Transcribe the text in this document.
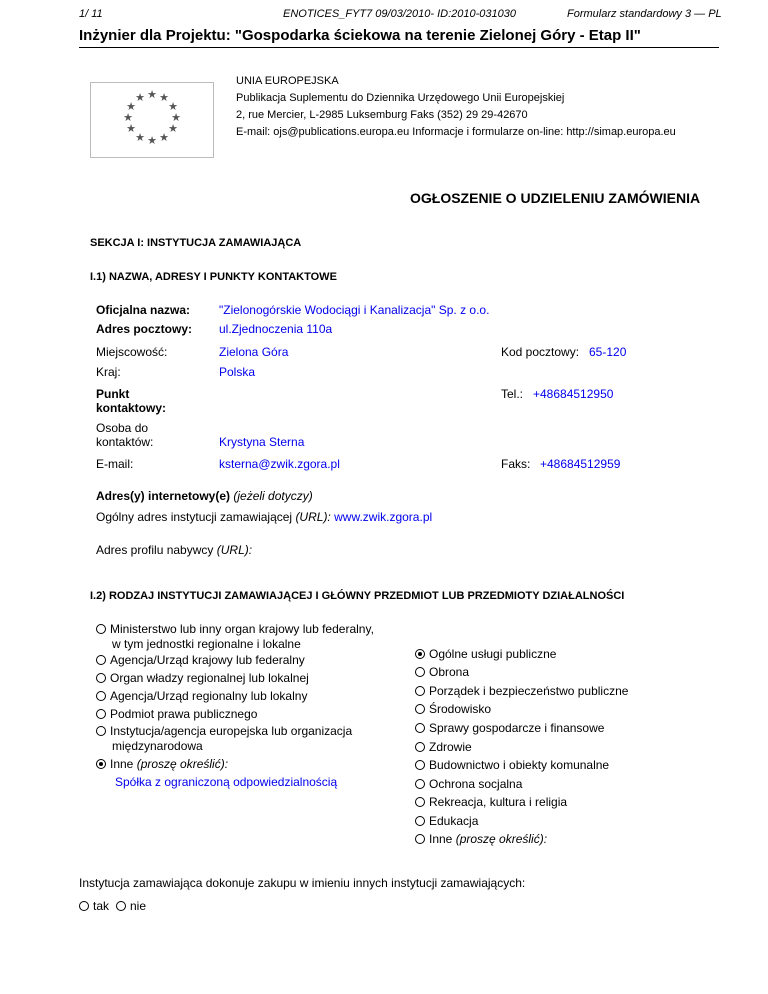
1/ 11	ENOTICES_FYT7 09/03/2010- ID:2010-031030	Formularz standardowy 3 — PL
Inżynier dla Projektu: "Gospodarka ściekowa na terenie Zielonej Góry - Etap II"
★ ★
★
★
★
★
★
★
★
★
★
★
UNIA EUROPEJSKA
Publikacja Suplementu do Dziennika Urzędowego Unii Europejskiej
2, rue Mercier, L-2985 Luksemburg Faks (352) 29 29-42670
E-mail: ojs@publications.europa.eu Informacje i formularze on-line: http://simap.europa.eu
OGŁOSZENIE O UDZIELENIU ZAMÓWIENIA
SEKCJA I: INSTYTUCJA ZAMAWIAJĄCA
I.1) NAZWA, ADRESY I PUNKTY KONTAKTOWE
Oficjalna nazwa: "Zielonogórskie Wodociągi i Kanalizacja" Sp. z o.o.
Adres pocztowy: ul.Zjednoczenia 110a
Miejscowość:	Zielona Góra	Kod pocztowy: 65-120
Kraj:	Polska
Punkt
kontaktowy:
Tel.: +48684512950
Osoba do
kontaktów:	Krystyna Sterna
E-mail:	ksterna@zwik.zgora.pl	Faks: +48684512959
Adres(y) internetowy(e) (jeżeli dotyczy)
Ogólny adres instytucji zamawiającej (URL): www.zwik.zgora.pl
Adres profilu nabywcy (URL):
I.2) RODZAJ INSTYTUCJI ZAMAWIAJĄCEJ I GŁÓWNY PRZEDMIOT LUB PRZEDMIOTY DZIAŁALNOŚCI
Ministerstwo lub inny organ krajowy lub federalny,
w tym jednostki regionalne i lokalne
Agencja/Urząd krajowy lub federalny
Organ władzy regionalnej lub lokalnej
Agencja/Urząd regionalny lub lokalny
Podmiot prawa publicznego
Instytucja/agencja europejska lub organizacja
międzynarodowa
Inne (proszę określić):
Spółka z ograniczoną odpowiedzialnością
Ogólne usługi publiczne
Obrona
Porządek i bezpieczeństwo publiczne
Środowisko
Sprawy gospodarcze i finansowe
Zdrowie
Budownictwo i obiekty komunalne
Ochrona socjalna
Rekreacja, kultura i religia
Edukacja
Inne (proszę określić):
Instytucja zamawiająca dokonuje zakupu w imieniu innych instytucji zamawiających:
tak	nie
